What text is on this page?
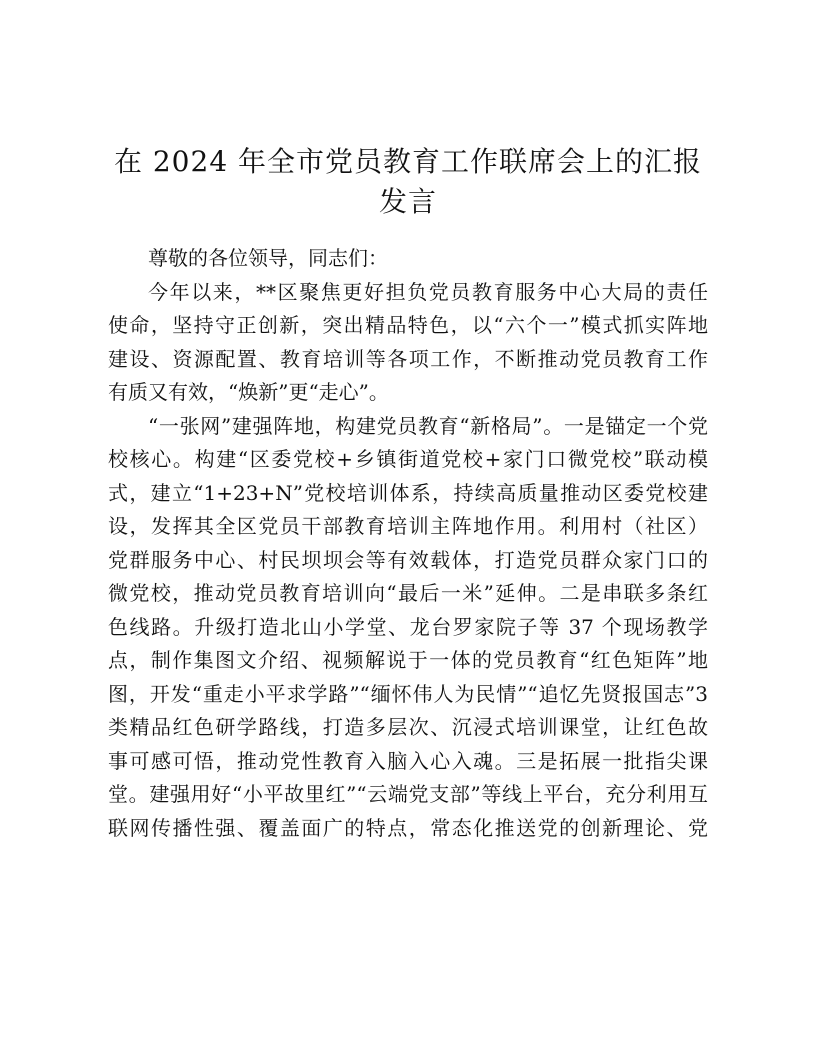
在 2024 年全市党员教育工作联席会上的汇报
发言
尊敬的各位领导，同志们：
今年以来，**区聚焦更好担负党员教育服务中心大局的责任
使命，坚持守正创新，突出精品特色，以“六个一”模式抓实阵地
建设、资源配置、教育培训等各项工作，不断推动党员教育工作
有质又有效，“焕新”更“走心”。
“一张网”建强阵地，构建党员教育“新格局”。一是锚定一个党
校核心。构建“区委党校+乡镇街道党校+家门口微党校”联动模
式，建立“1+23+N”党校培训体系，持续高质量推动区委党校建
设，发挥其全区党员干部教育培训主阵地作用。利用村（社区）
党群服务中心、村民坝坝会等有效载体，打造党员群众家门口的
微党校，推动党员教育培训向“最后一米”延伸。二是串联多条红
色线路。升级打造北山小学堂、龙台罗家院子等 37 个现场教学
点，制作集图文介绍、视频解说于一体的党员教育“红色矩阵”地
图，开发“重走小平求学路”“缅怀伟人为民情”“追忆先贤报国志”3
类精品红色研学路线，打造多层次、沉浸式培训课堂，让红色故
事可感可悟，推动党性教育入脑入心入魂。三是拓展一批指尖课
堂。建强用好“小平故里红”“云端党支部”等线上平台，充分利用互
联网传播性强、覆盖面广的特点，常态化推送党的创新理论、党
